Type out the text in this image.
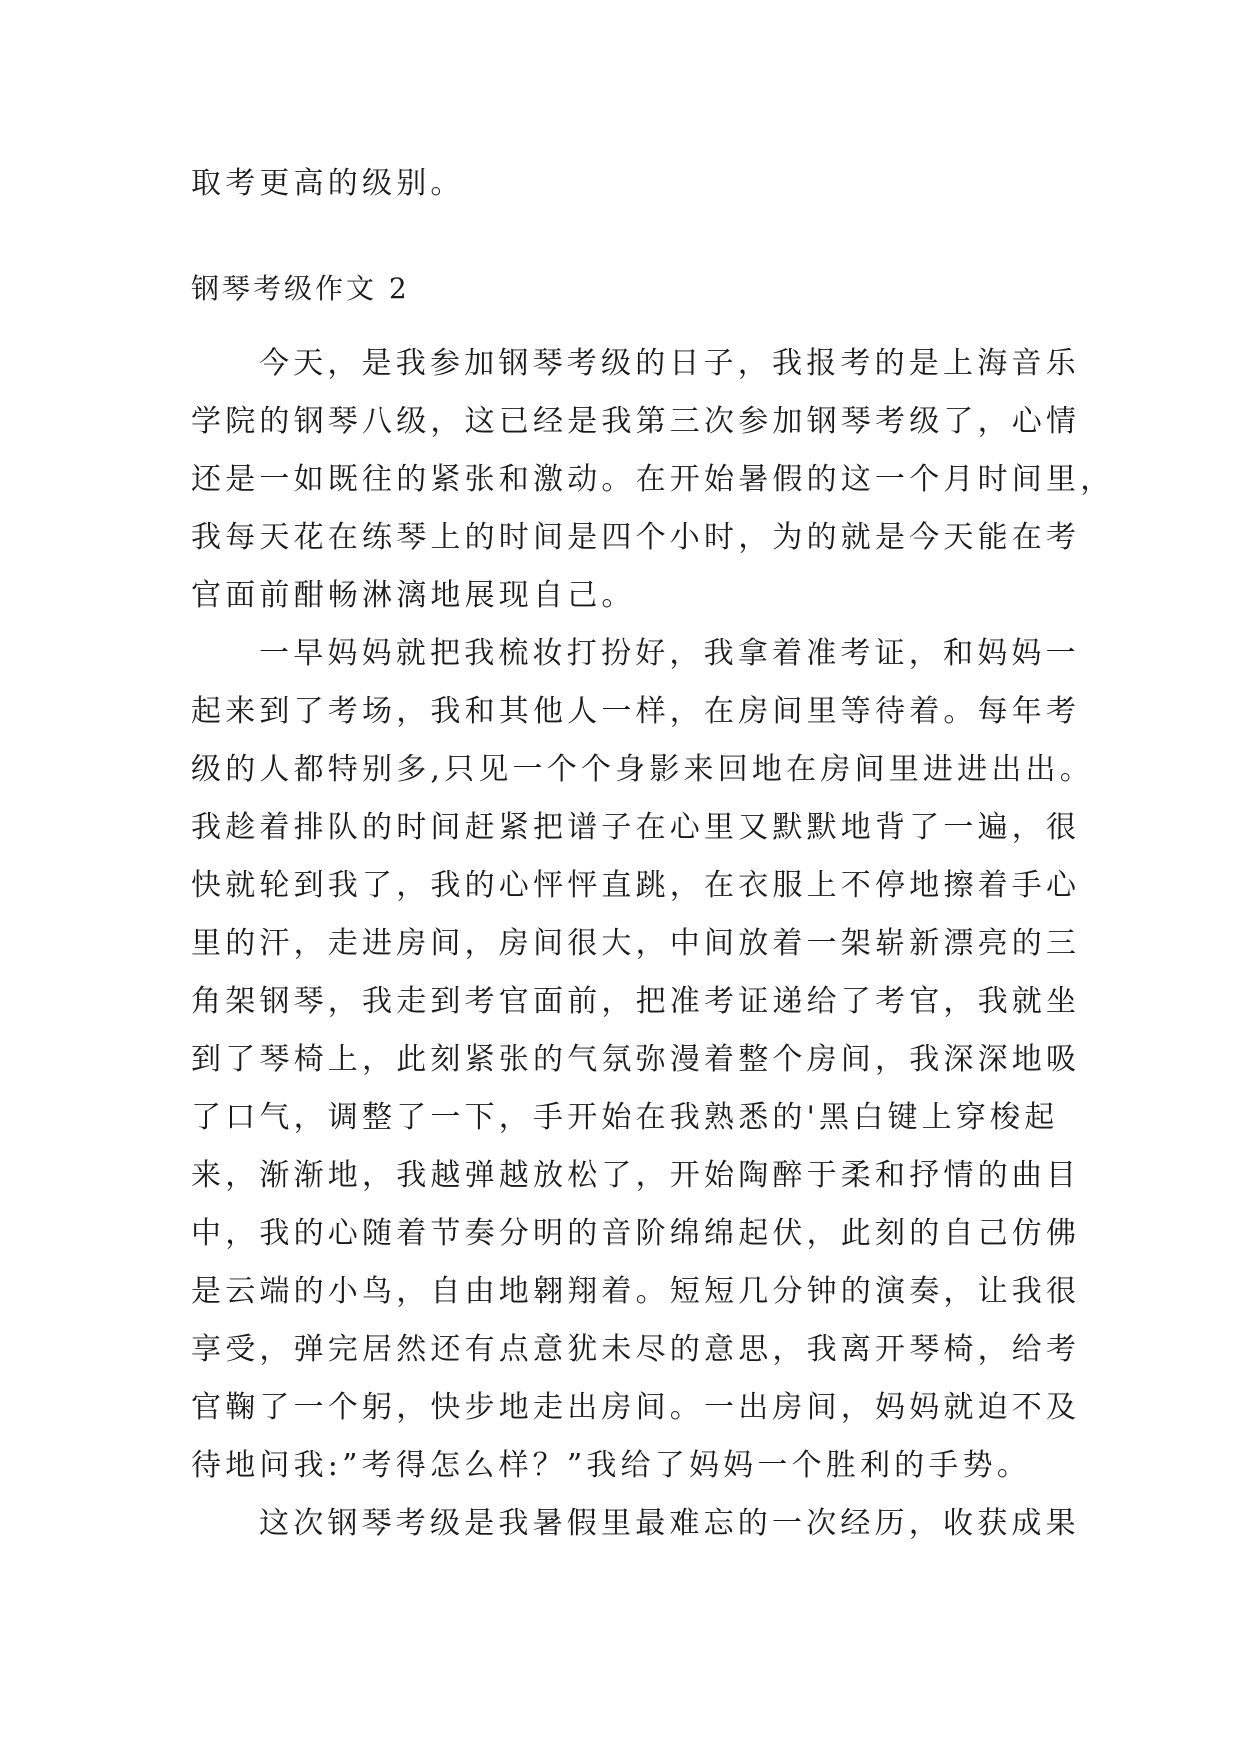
取考更高的级别。

钢琴考级作文 2

今天，是我参加钢琴考级的日子，我报考的是上海音乐
学院的钢琴八级，这已经是我第三次参加钢琴考级了，心情
还是一如既往的紧张和激动。在开始暑假的这一个月时间里，
我每天花在练琴上的时间是四个小时，为的就是今天能在考
官面前酣畅淋漓地展现自己。

一早妈妈就把我梳妆打扮好，我拿着准考证，和妈妈一
起来到了考场，我和其他人一样，在房间里等待着。每年考
级的人都特别多,只见一个个身影来回地在房间里进进出出。
我趁着排队的时间赶紧把谱子在心里又默默地背了一遍，很
快就轮到我了，我的心怦怦直跳，在衣服上不停地擦着手心
里的汗，走进房间，房间很大，中间放着一架崭新漂亮的三
角架钢琴，我走到考官面前，把准考证递给了考官，我就坐
到了琴椅上，此刻紧张的气氛弥漫着整个房间，我深深地吸
了口气，调整了一下，手开始在我熟悉的'黑白键上穿梭起
来，渐渐地，我越弹越放松了，开始陶醉于柔和抒情的曲目
中，我的心随着节奏分明的音阶绵绵起伏，此刻的自己仿佛
是云端的小鸟，自由地翱翔着。短短几分钟的演奏，让我很
享受，弹完居然还有点意犹未尽的意思，我离开琴椅，给考
官鞠了一个躬，快步地走出房间。一出房间，妈妈就迫不及
待地问我:”考得怎么样？”我给了妈妈一个胜利的手势。

这次钢琴考级是我暑假里最难忘的一次经历，收获成果
